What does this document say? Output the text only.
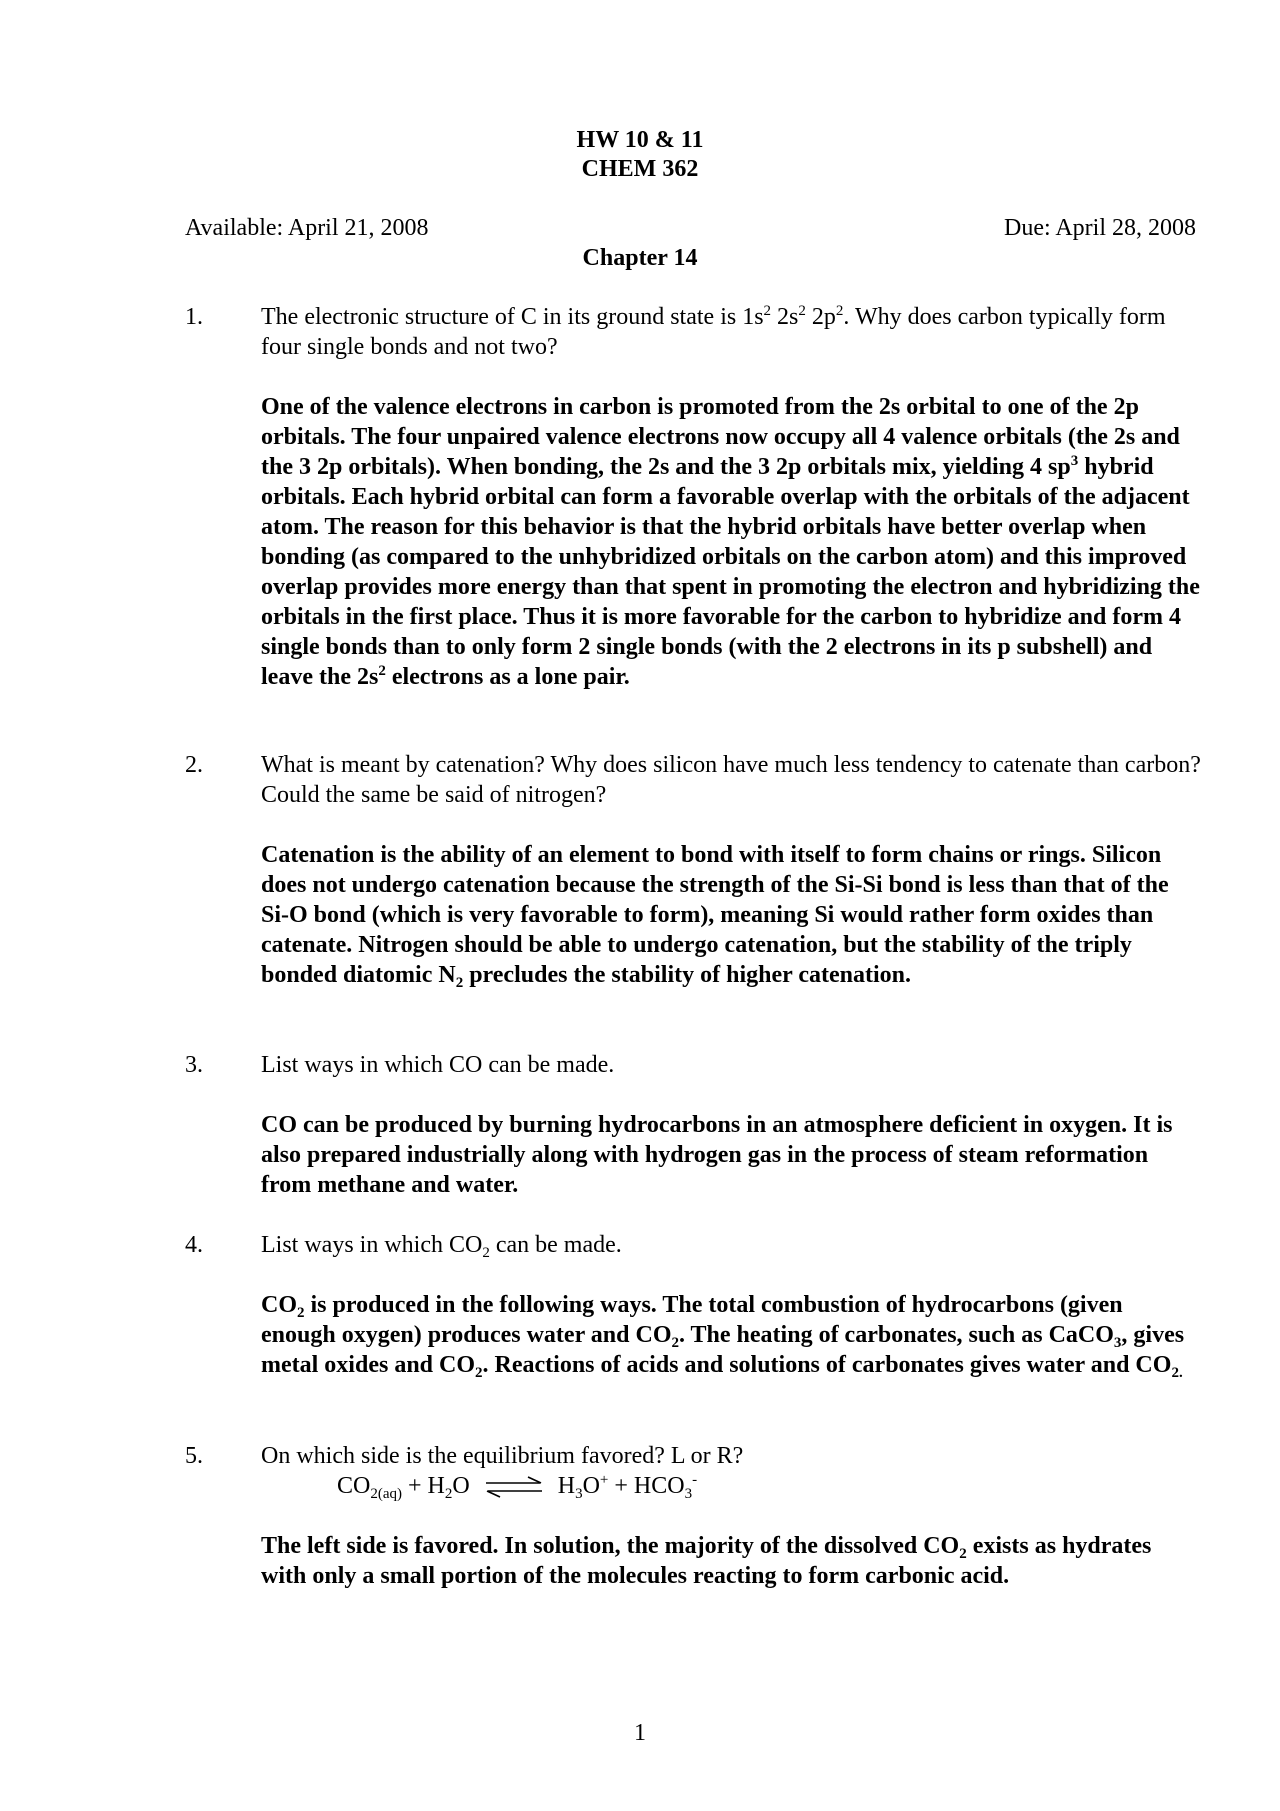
HW 10 & 11
CHEM 362
Available: April 21, 2008	Due: April 28, 2008
Chapter 14
1. The electronic structure of C in its ground state is $1s^2$ $2s^2$ $2p^2$. Why does carbon typically form four single bonds and not two?
One of the valence electrons in carbon is promoted from the 2s orbital to one of the 2p orbitals. The four unpaired valence electrons now occupy all 4 valence orbitals (the 2s and the 3 2p orbitals). When bonding, the 2s and the 3 2p orbitals mix, yielding 4 $sp^3$ hybrid orbitals. Each hybrid orbital can form a favorable overlap with the orbitals of the adjacent atom. The reason for this behavior is that the hybrid orbitals have better overlap when bonding (as compared to the unhybridized orbitals on the carbon atom) and this improved overlap provides more energy than that spent in promoting the electron and hybridizing the orbitals in the first place. Thus it is more favorable for the carbon to hybridize and form 4 single bonds than to only form 2 single bonds (with the 2 electrons in its p subshell) and leave the $2s^2$ electrons as a lone pair.
2. What is meant by catenation? Why does silicon have much less tendency to catenate than carbon? Could the same be said of nitrogen?
Catenation is the ability of an element to bond with itself to form chains or rings. Silicon does not undergo catenation because the strength of the Si-Si bond is less than that of the Si-O bond (which is very favorable to form), meaning Si would rather form oxides than catenate. Nitrogen should be able to undergo catenation, but the stability of the triply bonded diatomic $N_2$ precludes the stability of higher catenation.
3. List ways in which CO can be made.
CO can be produced by burning hydrocarbons in an atmosphere deficient in oxygen. It is also prepared industrially along with hydrogen gas in the process of steam reformation from methane and water.
4. List ways in which $CO_2$ can be made.
$CO_2$ is produced in the following ways. The total combustion of hydrocarbons (given enough oxygen) produces water and $CO_2$. The heating of carbonates, such as CaCO$_3$, gives metal oxides and $CO_2$. Reactions of acids and solutions of carbonates gives water and $CO_{2.}$
5. On which side is the equilibrium favored? L or R?
$CO_{2(aq)} + H_2O$ ⇌ $H_3O^+ + HCO_3^-$
The left side is favored. In solution, the majority of the dissolved $CO_2$ exists as hydrates with only a small portion of the molecules reacting to form carbonic acid.
1
